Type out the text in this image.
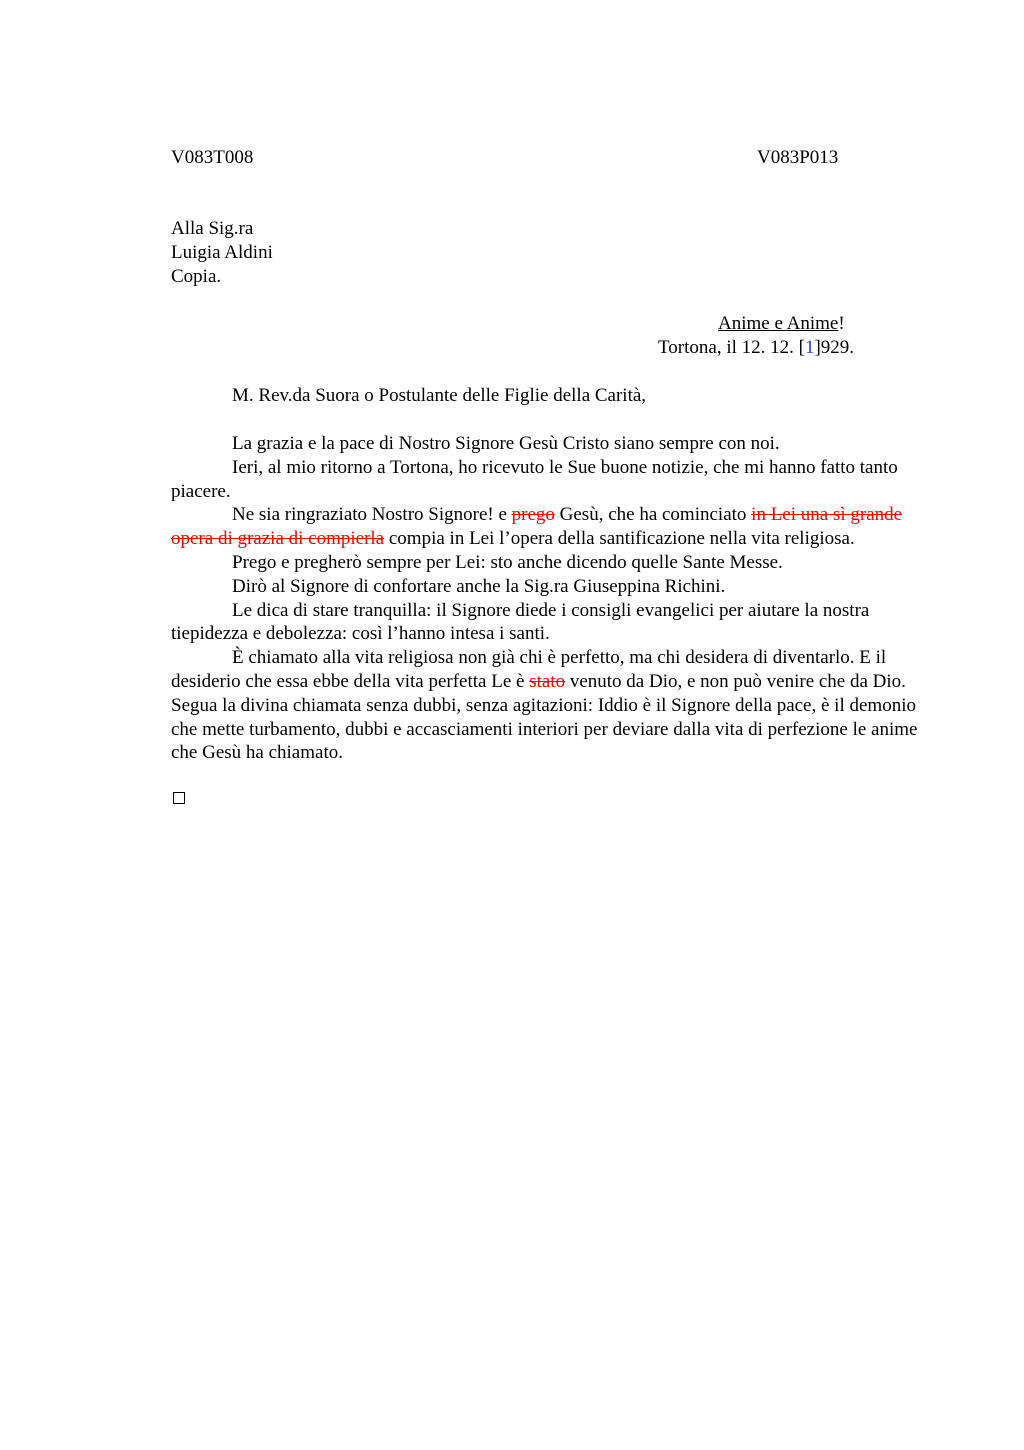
V083T008	V083P013
Alla Sig.ra
Luigia Aldini
Copia.
Anime e Anime!
Tortona, il 12. 12. [1]929.
M. Rev.da Suora o Postulante delle Figlie della Carità,

La grazia e la pace di Nostro Signore Gesù Cristo siano sempre con noi.

Ieri, al mio ritorno a Tortona, ho ricevuto le Sue buone notizie, che mi hanno fatto tanto piacere.

Ne sia ringraziato Nostro Signore! e prego Gesù, che ha cominciato in Lei una sì grande opera di grazia di compierla compia in Lei l’opera della santificazione nella vita religiosa.

Prego e pregherò sempre per Lei: sto anche dicendo quelle Sante Messe.

Dirò al Signore di confortare anche la Sig.ra Giuseppina Richini.

Le dica di stare tranquilla: il Signore diede i consigli evangelici per aiutare la nostra tiepidezza e debolezza: così l’hanno intesa i santi.

È chiamato alla vita religiosa non già chi è perfetto, ma chi desidera di diventarlo. E il desiderio che essa ebbe della vita perfetta Le è stato venuto da Dio, e non può venire che da Dio. Segua la divina chiamata senza dubbi, senza agitazioni: Iddio è il Signore della pace, è il demonio che mette turbamento, dubbi e accasciamenti interiori per deviare dalla vita di perfezione le anime che Gesù ha chiamato.
